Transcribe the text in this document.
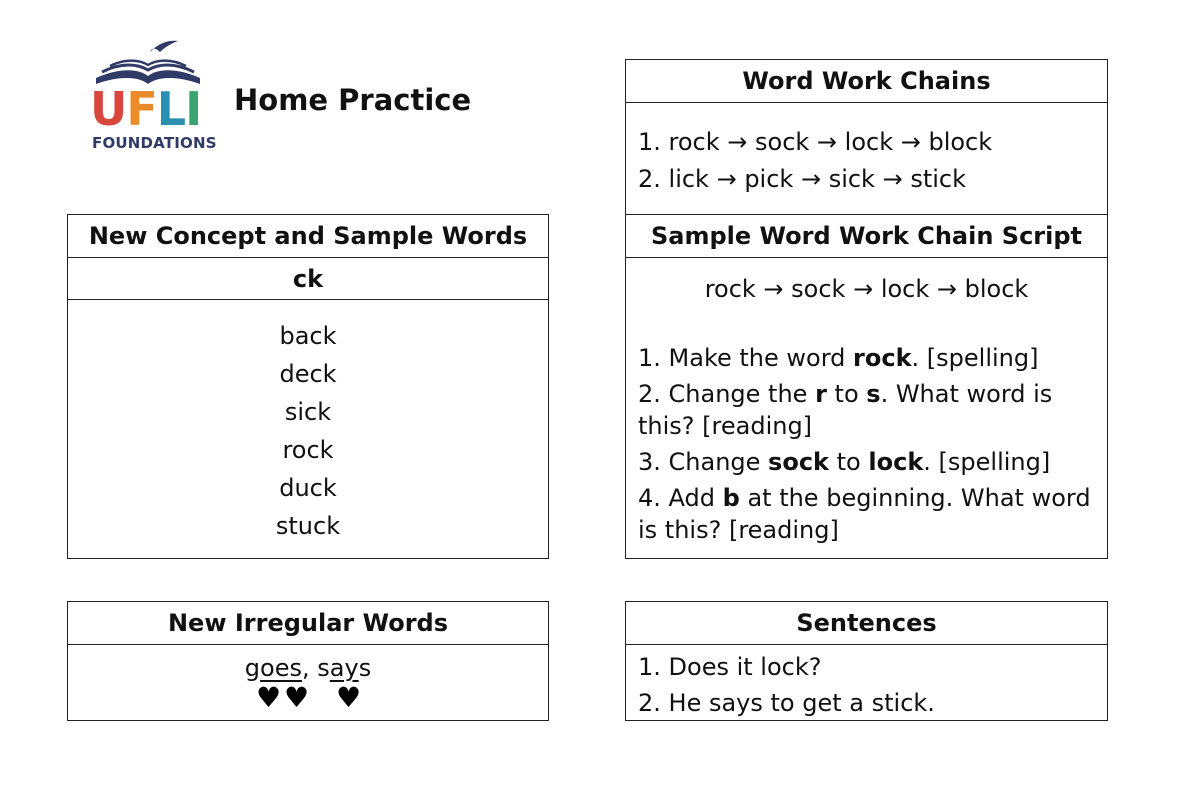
UFLI
FOUNDATIONS
Home Practice
New Concept and Sample Words
ck
back
deck
sick
rock
duck
stuck
New Irregular Words
goes, says
♥ ♥ ♥
Word Work Chains
1. rock → sock → lock → block
2. lick → pick → sick → stick
Sample Word Work Chain Script
rock → sock → lock → block
1. Make the word rock. [spelling]
2. Change the r to s. What word is this? [reading]
3. Change sock to lock. [spelling]
4. Add b at the beginning. What word is this? [reading]
Sentences
1. Does it lock?
2. He says to get a stick.
